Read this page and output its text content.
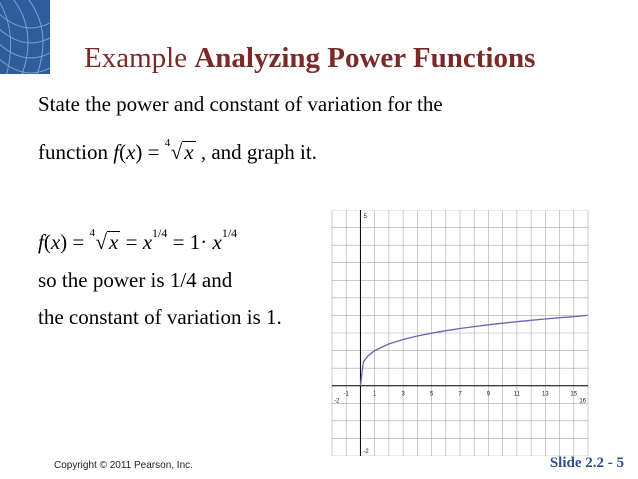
Example Analyzing Power Functions
State the power and constant of variation for the
function f(x) = 4 √x , and graph it.
f(x) = 4 $√x = x^{1/4} = 1\cdot x^{1/4}$
so the power is 1/4 and
the constant of variation is 1.
-1	1	3	5	7	9	11	13	15
-2	16
5
-2
Copyright © 2011 Pearson, Inc.	Slide 2.2 - 5
